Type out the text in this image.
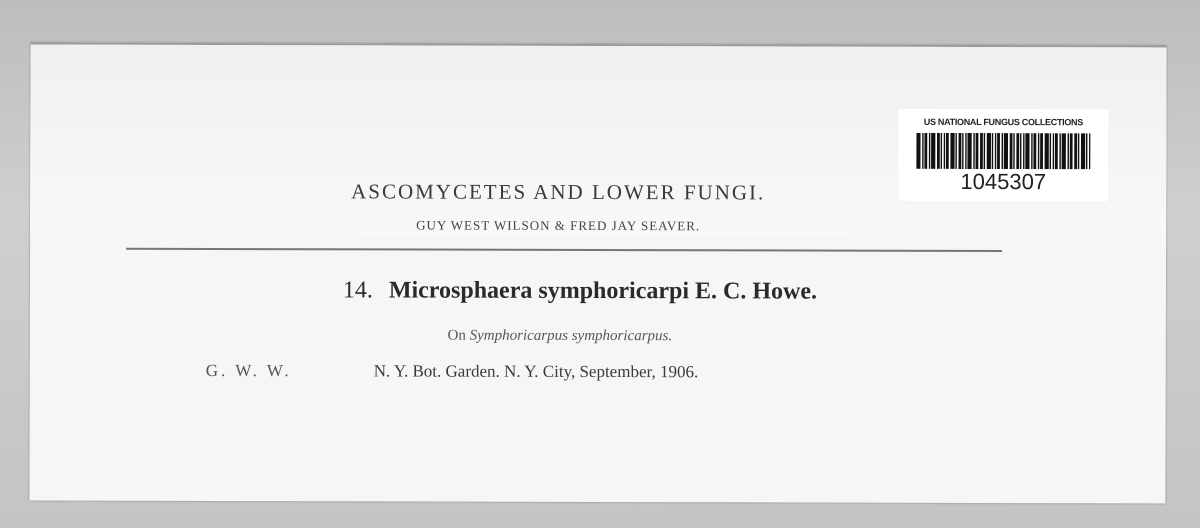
US NATIONAL FUNGUS COLLECTIONS
1045307
ASCOMYCETES AND LOWER FUNGI.
GUY WEST WILSON & FRED JAY SEAVER.
14. Microsphaera symphoricarpi E. C. Howe.
On Symphoricarpus symphoricarpus.
G. W. W.	N. Y. Bot. Garden. N. Y. City, September, 1906.
